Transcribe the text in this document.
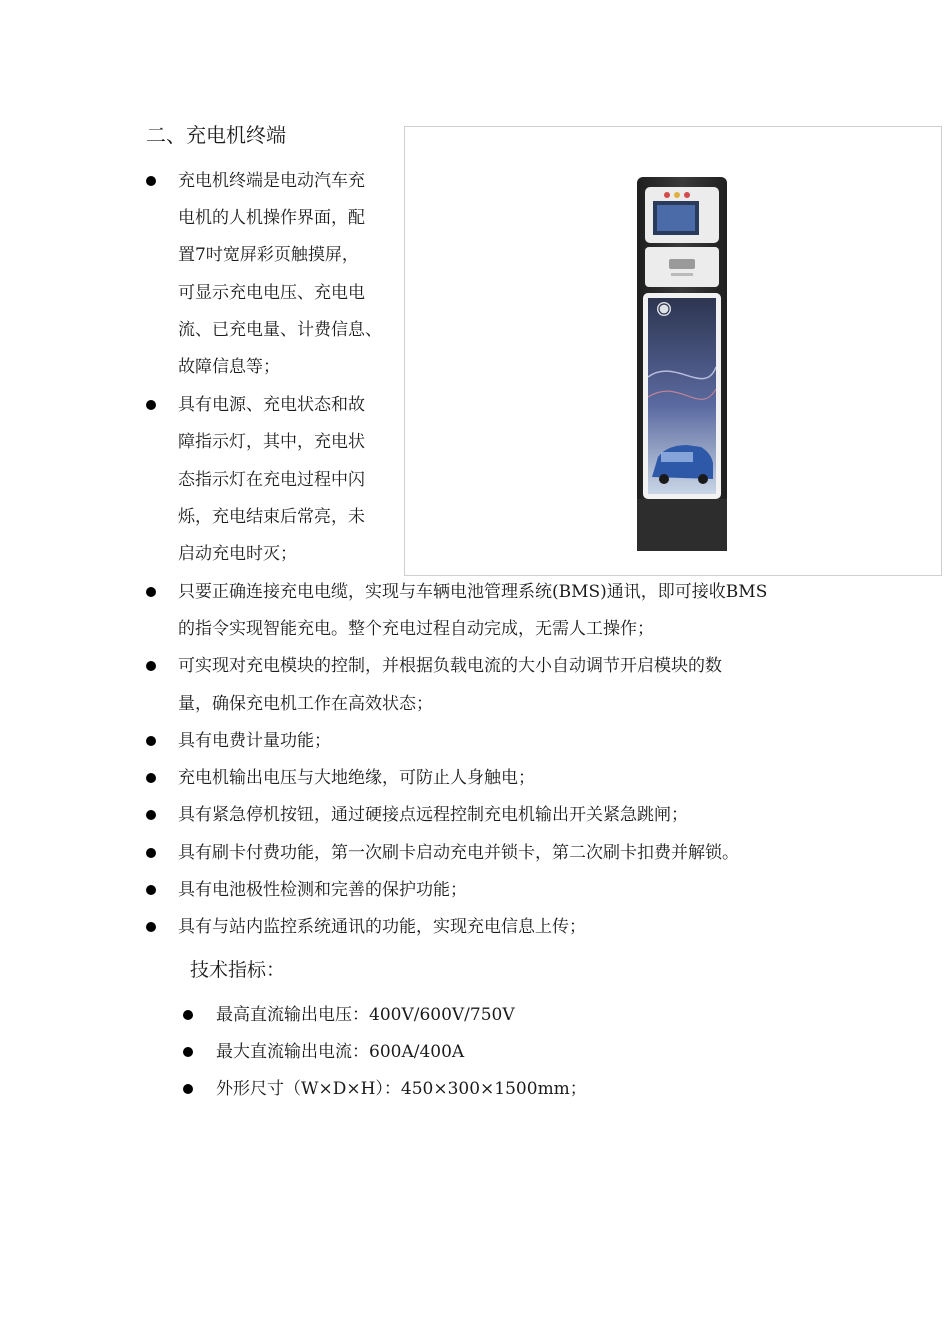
二、充电机终端
充电机终端是电动汽车充
电机的人机操作界面，配
置7吋宽屏彩页触摸屏，
可显示充电电压、充电电
流、已充电量、计费信息、
故障信息等；
具有电源、充电状态和故
障指示灯，其中，充电状
态指示灯在充电过程中闪
烁，充电结束后常亮，未
启动充电时灭；
只要正确连接充电电缆，实现与车辆电池管理系统(BMS)通讯，即可接收BMS
的指令实现智能充电。整个充电过程自动完成，无需人工操作；
可实现对充电模块的控制，并根据负载电流的大小自动调节开启模块的数
量，确保充电机工作在高效状态；
具有电费计量功能；
充电机输出电压与大地绝缘，可防止人身触电；
具有紧急停机按钮，通过硬接点远程控制充电机输出开关紧急跳闸；
具有刷卡付费功能，第一次刷卡启动充电并锁卡，第二次刷卡扣费并解锁。
具有电池极性检测和完善的保护功能；
具有与站内监控系统通讯的功能，实现充电信息上传；
技术指标：
最高直流输出电压：400V/600V/750V
最大直流输出电流：600A/400A
外形尺寸（W×D×H）：450×300×1500mm；
